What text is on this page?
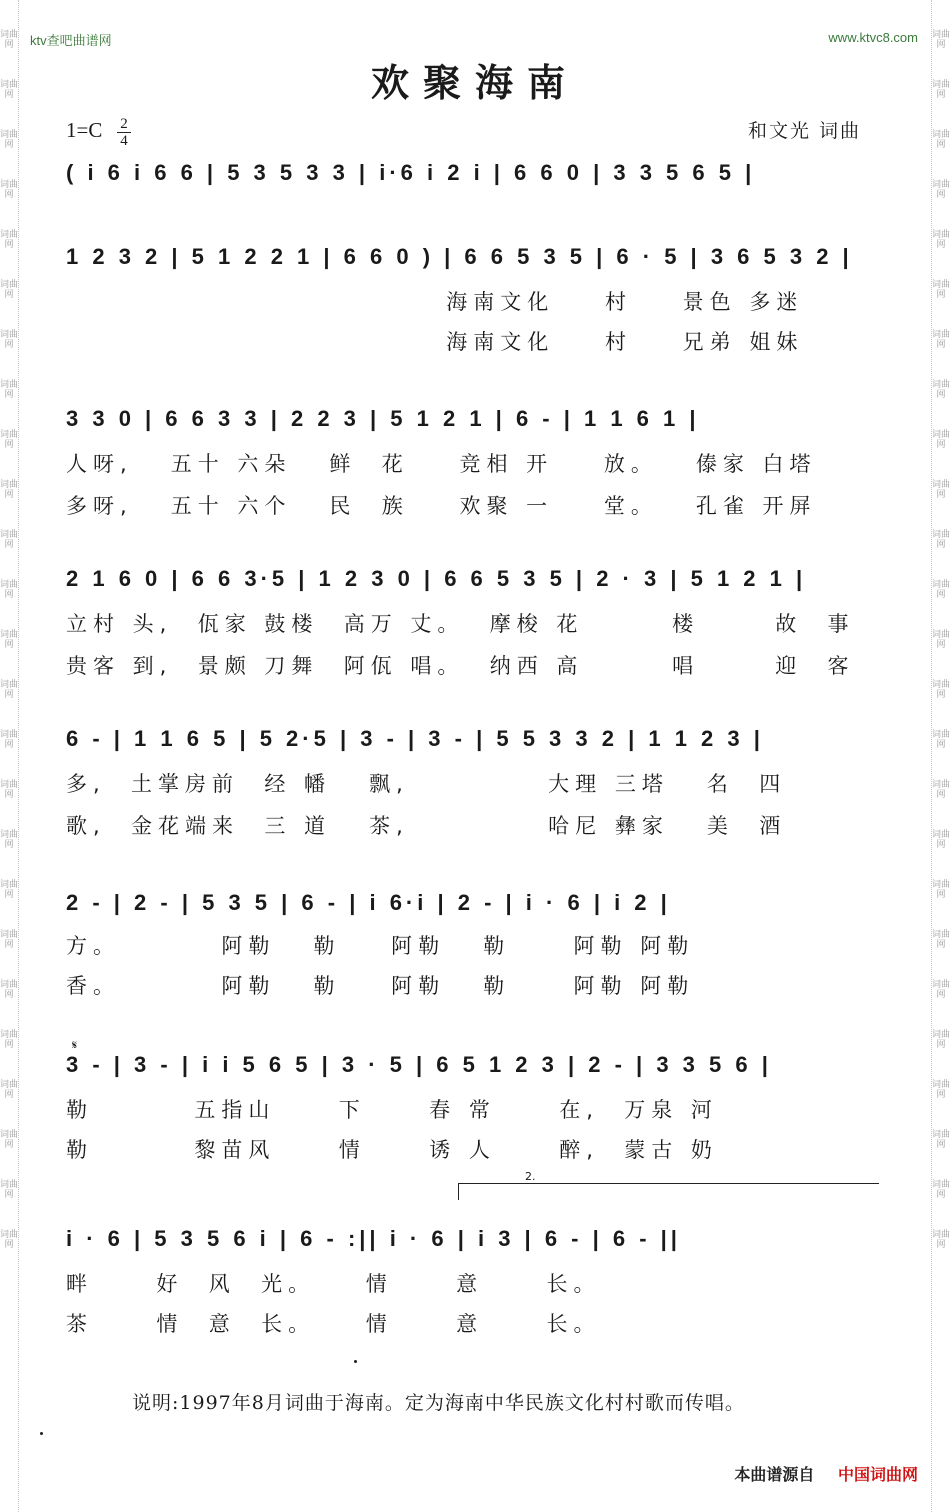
词曲网
词曲网
词曲网
词曲网
词曲网
词曲网
词曲网
词曲网
词曲网
词曲网
词曲网
词曲网
词曲网
词曲网
词曲网
词曲网
词曲网
词曲网
词曲网
词曲网
词曲网
词曲网
词曲网
词曲网
词曲网
词曲网
词曲网
词曲网
词曲网
词曲网
词曲网
词曲网
词曲网
词曲网
词曲网
词曲网
词曲网
词曲网
词曲网
词曲网
词曲网
词曲网
词曲网
词曲网
词曲网
词曲网
词曲网
词曲网
词曲网
词曲网
ktv查吧曲谱网	www.ktvc8.com
欢聚海南
1=C 2
4	和文光 词曲
( i 6 i 6 6 | 5 3 5 3 3 | i·6 i 2 i | 6 6 0 | 3 3 5 6 5 |
1 2 3 2 | 5 1 2 2 1 | 6 6 0 ) | 6 6 5 3 5 | 6 · 5 | 3 6 5 3 2 |
海南文化    村    景色 多迷
海南文化    村    兄弟 姐妹
3 3 0 | 6 6 3 3 | 2 2 3 | 5 1 2 1 | 6 - | 1 1 6 1 |
人呀,   五十 六朵   鲜  花    竞相 开    放。   傣家 白塔
多呀,   五十 六个   民  族    欢聚 一    堂。   孔雀 开屏
2 1 6 0 | 6 6 3·5 | 1 2 3 0 | 6 6 5 3 5 | 2 · 3 | 5 1 2 1 |
立村 头,  佤家 鼓楼  高万 丈。  摩梭 花       楼      故  事
贵客 到,  景颇 刀舞  阿佤 唱。  纳西 高       唱      迎  客
6 - | 1 1 6 5 | 5 2·5 | 3 - | 3 - | 5 5 3 3 2 | 1 1 2 3 |
多,  土掌房前  经 幡   飘,           大理 三塔   名  四
歌,  金花端来  三 道   茶,           哈尼 彝家   美  酒
2 - | 2 - | 5 3 5 | 6 - | i 6·i | 2 - | i · 6 | i 2 |
方。        阿勒   勒    阿勒   勒     阿勒 阿勒
香。        阿勒   勒    阿勒   勒     阿勒 阿勒
𝄋
3 - | 3 - | i i 5 6 5 | 3 · 5 | 6 5 1 2 3 | 2 - | 3 3 5 6 |
勒        五指山     下     春 常     在,  万泉 河
勒        黎苗风     情     诱 人     醉,  蒙古 奶
2.
i · 6 | 5 3 5 6 i | 6 - :|| i · 6 | i 3 | 6 - | 6 - ||
畔     好  风  光。    情     意     长。
茶     情  意  长。    情     意     长。
说明:1997年8月词曲于海南。定为海南中华民族文化村村歌而传唱。
本曲谱源自 中国词曲网
